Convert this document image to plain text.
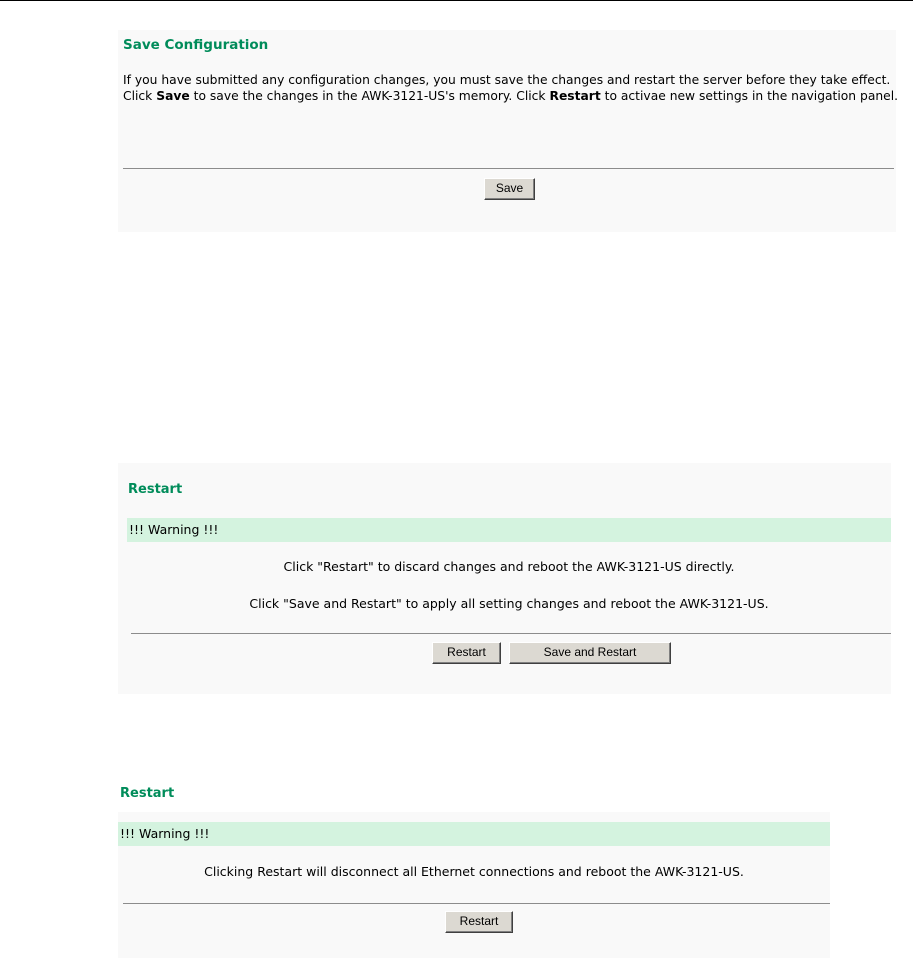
Save Configuration
If you have submitted any configuration changes, you must save the changes and restart the server before they take effect. Click Save to save the changes in the AWK-3121-US's memory. Click Restart to activae new settings in the navigation panel.
Save
Restart
!!! Warning !!!
Click "Restart" to discard changes and reboot the AWK-3121-US directly.
Click "Save and Restart" to apply all setting changes and reboot the AWK-3121-US.
Restart	Save and Restart
Restart
!!! Warning !!!
Clicking Restart will disconnect all Ethernet connections and reboot the AWK-3121-US.
Restart
